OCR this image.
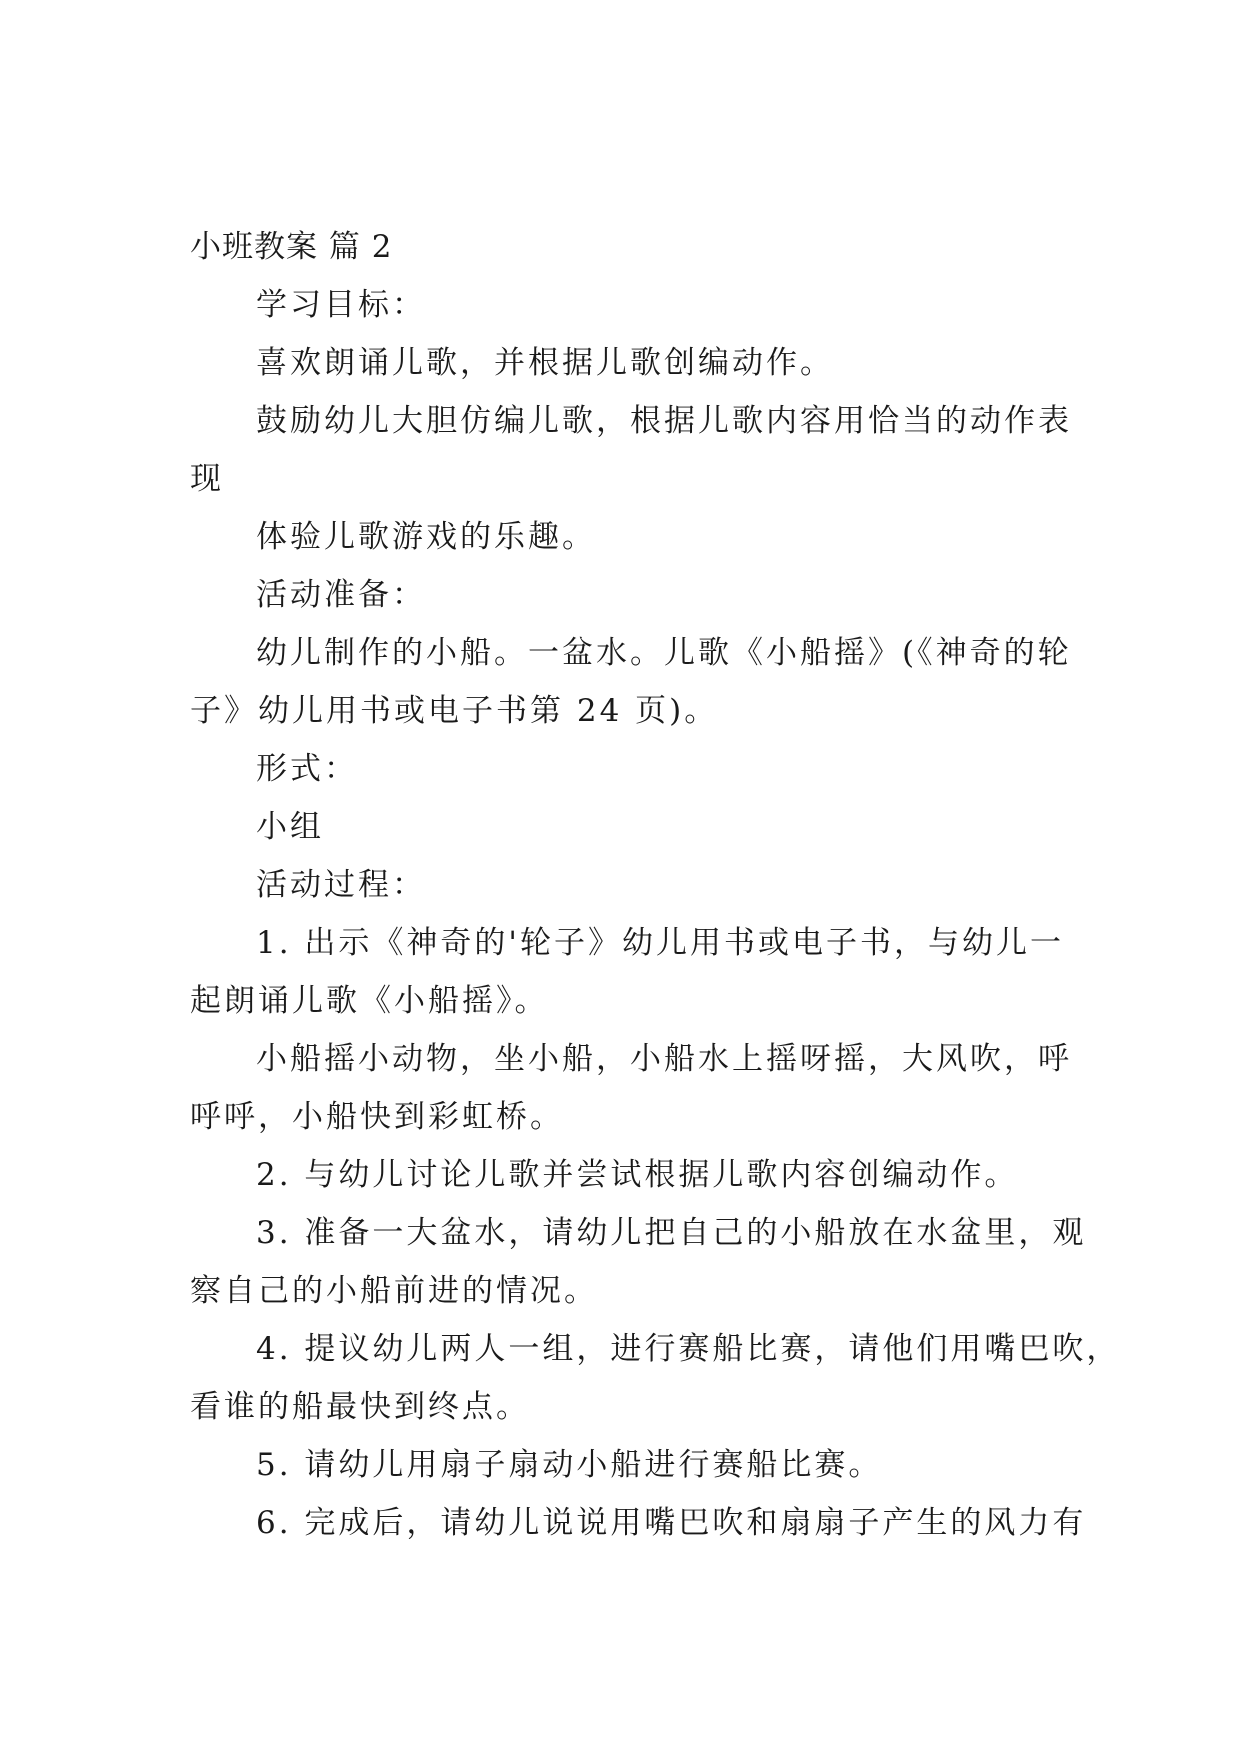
小班教案 篇 2
学习目标：
喜欢朗诵儿歌，并根据儿歌创编动作。
鼓励幼儿大胆仿编儿歌，根据儿歌内容用恰当的动作表
现
体验儿歌游戏的乐趣。
活动准备：
幼儿制作的小船。一盆水。儿歌《小船摇》(《神奇的轮
子》幼儿用书或电子书第 24 页)。
形式：
小组
活动过程：
1. 出示《神奇的'轮子》幼儿用书或电子书，与幼儿一
起朗诵儿歌《小船摇》。
小船摇小动物，坐小船，小船水上摇呀摇，大风吹，呼
呼呼，小船快到彩虹桥。
2. 与幼儿讨论儿歌并尝试根据儿歌内容创编动作。
3. 准备一大盆水，请幼儿把自己的小船放在水盆里，观
察自己的小船前进的情况。
4. 提议幼儿两人一组，进行赛船比赛，请他们用嘴巴吹，
看谁的船最快到终点。
5. 请幼儿用扇子扇动小船进行赛船比赛。
6. 完成后，请幼儿说说用嘴巴吹和扇扇子产生的风力有
